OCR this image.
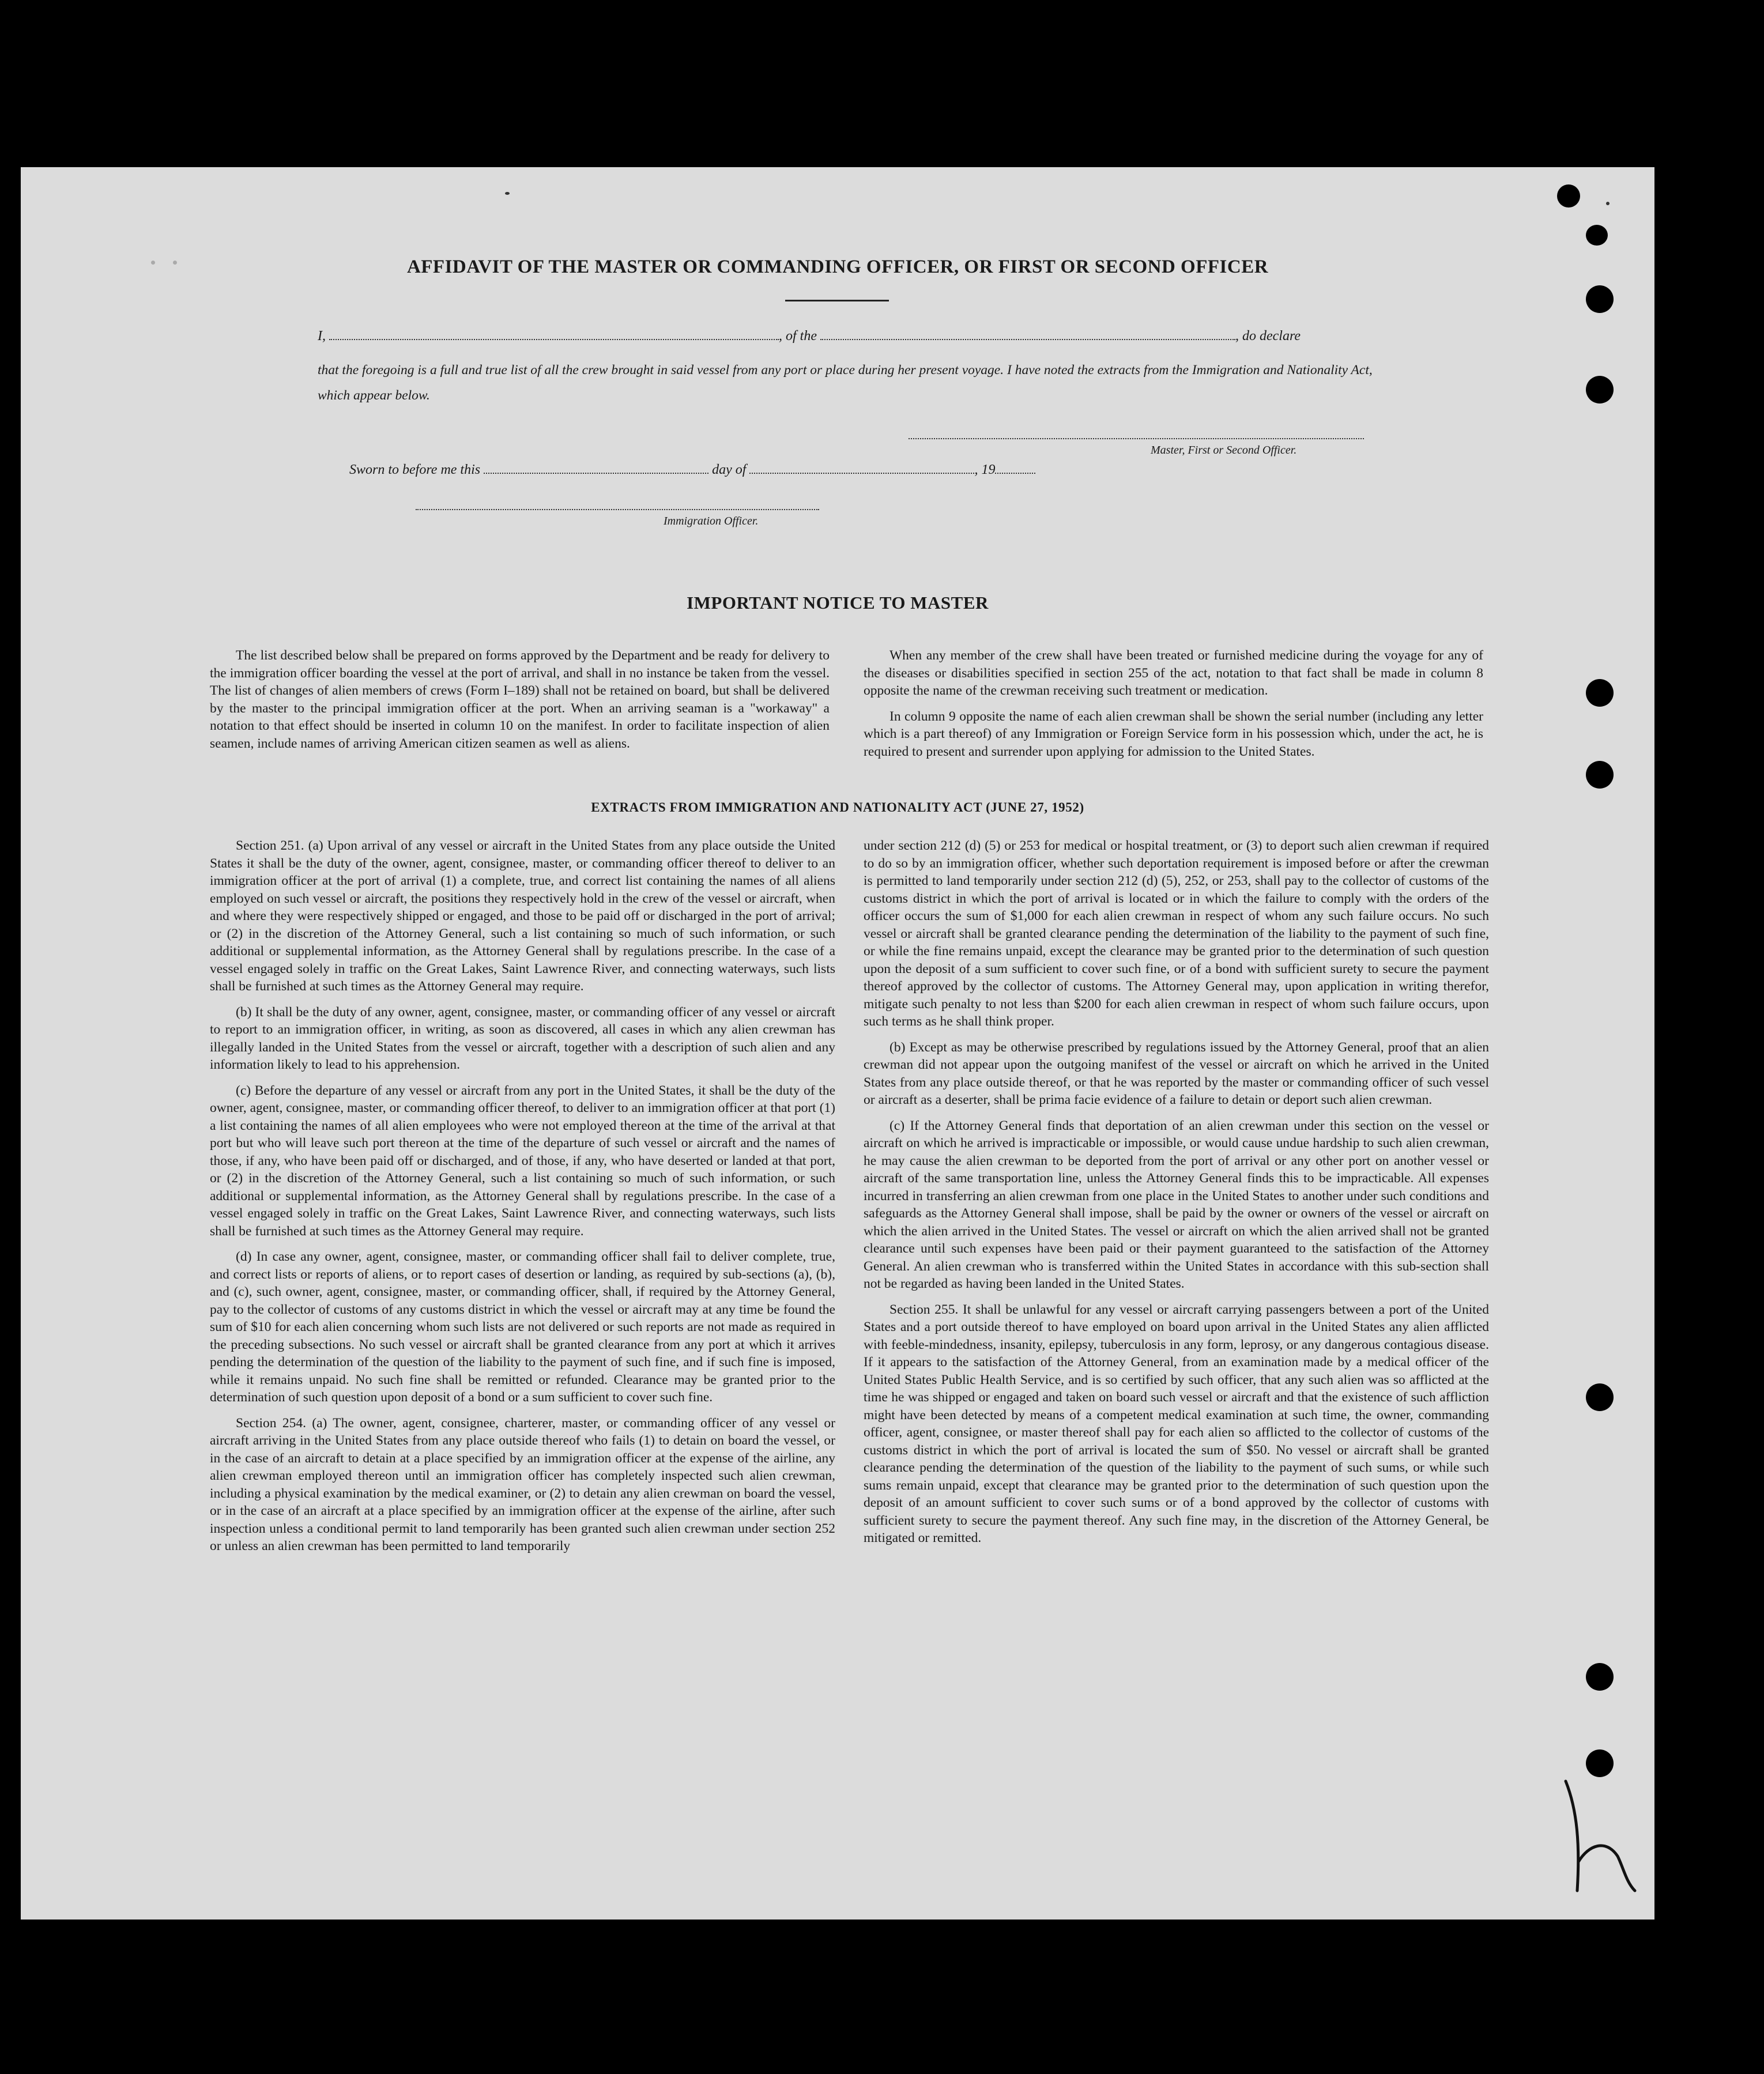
AFFIDAVIT OF THE MASTER OR COMMANDING OFFICER, OR FIRST OR SECOND OFFICER
I,	, of the	, do declare
that the foregoing is a full and true list of all the crew brought in said vessel from any port or place during her present voyage. I have noted the extracts from the Immigration and Nationality Act, which appear below.
Master, First or Second Officer.
Sworn to before me this	day of	, 19
Immigration Officer.
IMPORTANT NOTICE TO MASTER

The list described below shall be prepared on forms approved by the Department and be ready for delivery to the immigration officer boarding the vessel at the port of arrival, and shall in no instance be taken from the vessel. The list of changes of alien members of crews (Form I–189) shall not be retained on board, but shall be delivered by the master to the principal immigration officer at the port. When an arriving seaman is a "workaway" a notation to that effect should be inserted in column 10 on the manifest. In order to facilitate inspection of alien seamen, include names of arriving American citizen seamen as well as aliens.

When any member of the crew shall have been treated or furnished medicine during the voyage for any of the diseases or disabilities specified in section 255 of the act, notation to that fact shall be made in column 8 opposite the name of the crewman receiving such treatment or medication.

In column 9 opposite the name of each alien crewman shall be shown the serial number (including any letter which is a part thereof) of any Immigration or Foreign Service form in his possession which, under the act, he is required to present and surrender upon applying for admission to the United States.

EXTRACTS FROM IMMIGRATION AND NATIONALITY ACT (JUNE 27, 1952)

Section 251. (a) Upon arrival of any vessel or aircraft in the United States from any place outside the United States it shall be the duty of the owner, agent, consignee, master, or commanding officer thereof to deliver to an immigration officer at the port of arrival (1) a complete, true, and correct list containing the names of all aliens employed on such vessel or aircraft, the positions they respectively hold in the crew of the vessel or aircraft, when and where they were respectively shipped or engaged, and those to be paid off or discharged in the port of arrival; or (2) in the discretion of the Attorney General, such a list containing so much of such information, or such additional or supplemental information, as the Attorney General shall by regulations prescribe. In the case of a vessel engaged solely in traffic on the Great Lakes, Saint Lawrence River, and connecting waterways, such lists shall be furnished at such times as the Attorney General may require.

(b) It shall be the duty of any owner, agent, consignee, master, or commanding officer of any vessel or aircraft to report to an immigration officer, in writing, as soon as discovered, all cases in which any alien crewman has illegally landed in the United States from the vessel or aircraft, together with a description of such alien and any information likely to lead to his apprehension.

(c) Before the departure of any vessel or aircraft from any port in the United States, it shall be the duty of the owner, agent, consignee, master, or commanding officer thereof, to deliver to an immigration officer at that port (1) a list containing the names of all alien employees who were not employed thereon at the time of the arrival at that port but who will leave such port thereon at the time of the departure of such vessel or aircraft and the names of those, if any, who have been paid off or discharged, and of those, if any, who have deserted or landed at that port, or (2) in the discretion of the Attorney General, such a list containing so much of such information, or such additional or supplemental information, as the Attorney General shall by regulations prescribe. In the case of a vessel engaged solely in traffic on the Great Lakes, Saint Lawrence River, and connecting waterways, such lists shall be furnished at such times as the Attorney General may require.

(d) In case any owner, agent, consignee, master, or commanding officer shall fail to deliver complete, true, and correct lists or reports of aliens, or to report cases of desertion or landing, as required by sub-sections (a), (b), and (c), such owner, agent, consignee, master, or commanding officer, shall, if required by the Attorney General, pay to the collector of customs of any customs district in which the vessel or aircraft may at any time be found the sum of $10 for each alien concerning whom such lists are not delivered or such reports are not made as required in the preceding subsections. No such vessel or aircraft shall be granted clearance from any port at which it arrives pending the determination of the question of the liability to the payment of such fine, and if such fine is imposed, while it remains unpaid. No such fine shall be remitted or refunded. Clearance may be granted prior to the determination of such question upon deposit of a bond or a sum sufficient to cover such fine.

Section 254. (a) The owner, agent, consignee, charterer, master, or commanding officer of any vessel or aircraft arriving in the United States from any place outside thereof who fails (1) to detain on board the vessel, or in the case of an aircraft to detain at a place specified by an immigration officer at the expense of the airline, any alien crewman employed thereon until an immigration officer has completely inspected such alien crewman, including a physical examination by the medical examiner, or (2) to detain any alien crewman on board the vessel, or in the case of an aircraft at a place specified by an immigration officer at the expense of the airline, after such inspection unless a conditional permit to land temporarily has been granted such alien crewman under section 252 or unless an alien crewman has been permitted to land temporarily

under section 212 (d) (5) or 253 for medical or hospital treatment, or (3) to deport such alien crewman if required to do so by an immigration officer, whether such deportation requirement is imposed before or after the crewman is permitted to land temporarily under section 212 (d) (5), 252, or 253, shall pay to the collector of customs of the customs district in which the port of arrival is located or in which the failure to comply with the orders of the officer occurs the sum of $1,000 for each alien crewman in respect of whom any such failure occurs. No such vessel or aircraft shall be granted clearance pending the determination of the liability to the payment of such fine, or while the fine remains unpaid, except the clearance may be granted prior to the determination of such question upon the deposit of a sum sufficient to cover such fine, or of a bond with sufficient surety to secure the payment thereof approved by the collector of customs. The Attorney General may, upon application in writing therefor, mitigate such penalty to not less than $200 for each alien crewman in respect of whom such failure occurs, upon such terms as he shall think proper.

(b) Except as may be otherwise prescribed by regulations issued by the Attorney General, proof that an alien crewman did not appear upon the outgoing manifest of the vessel or aircraft on which he arrived in the United States from any place outside thereof, or that he was reported by the master or commanding officer of such vessel or aircraft as a deserter, shall be prima facie evidence of a failure to detain or deport such alien crewman.

(c) If the Attorney General finds that deportation of an alien crewman under this section on the vessel or aircraft on which he arrived is impracticable or impossible, or would cause undue hardship to such alien crewman, he may cause the alien crewman to be deported from the port of arrival or any other port on another vessel or aircraft of the same transportation line, unless the Attorney General finds this to be impracticable. All expenses incurred in transferring an alien crewman from one place in the United States to another under such conditions and safeguards as the Attorney General shall impose, shall be paid by the owner or owners of the vessel or aircraft on which the alien arrived in the United States. The vessel or aircraft on which the alien arrived shall not be granted clearance until such expenses have been paid or their payment guaranteed to the satisfaction of the Attorney General. An alien crewman who is transferred within the United States in accordance with this sub-section shall not be regarded as having been landed in the United States.

Section 255. It shall be unlawful for any vessel or aircraft carrying passengers between a port of the United States and a port outside thereof to have employed on board upon arrival in the United States any alien afflicted with feeble-mindedness, insanity, epilepsy, tuberculosis in any form, leprosy, or any dangerous contagious disease. If it appears to the satisfaction of the Attorney General, from an examination made by a medical officer of the United States Public Health Service, and is so certified by such officer, that any such alien was so afflicted at the time he was shipped or engaged and taken on board such vessel or aircraft and that the existence of such affliction might have been detected by means of a competent medical examination at such time, the owner, commanding officer, agent, consignee, or master thereof shall pay for each alien so afflicted to the collector of customs of the customs district in which the port of arrival is located the sum of $50. No vessel or aircraft shall be granted clearance pending the determination of the question of the liability to the payment of such sums, or while such sums remain unpaid, except that clearance may be granted prior to the determination of such question upon the deposit of an amount sufficient to cover such sums or of a bond approved by the collector of customs with sufficient surety to secure the payment thereof. Any such fine may, in the discretion of the Attorney General, be mitigated or remitted.
